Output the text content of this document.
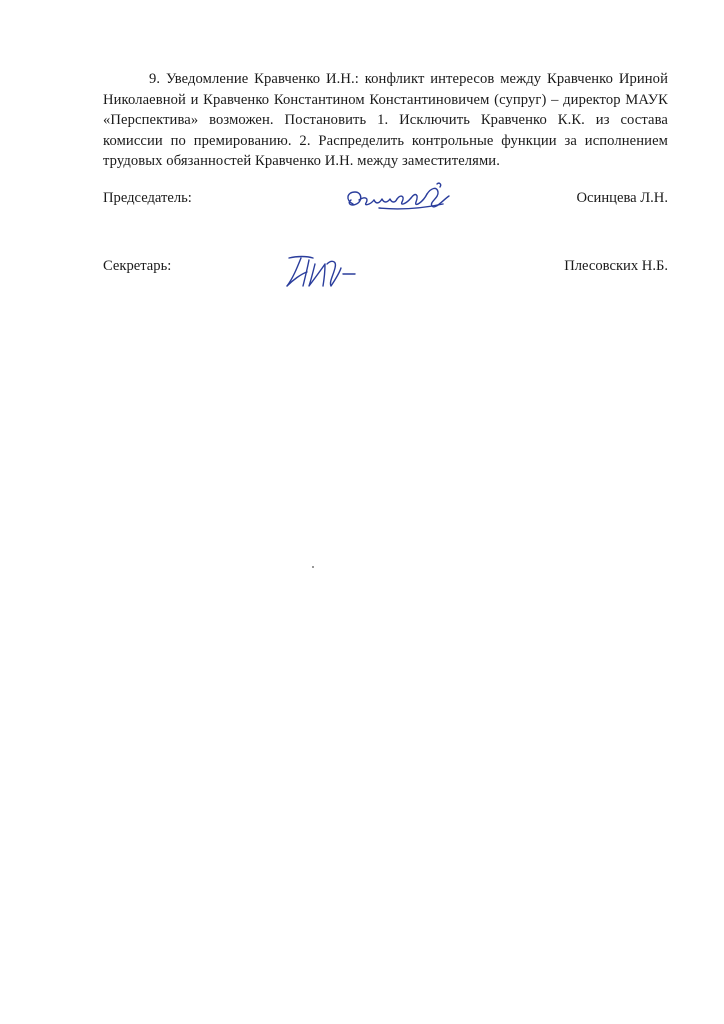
9. Уведомление Кравченко И.Н.: конфликт интересов между Кравченко Ириной Николаевной и Кравченко Константином Константиновичем (супруг) – директор МАУК «Перспектива» возможен. Постановить 1. Исключить Кравченко К.К. из состава комиссии по премированию. 2. Распределить контрольные функции за исполнением трудовых обязанностей Кравченко И.Н. между заместителями.

Председатель:	Осинцева Л.Н.
Секретарь:	Плесовских Н.Б.
